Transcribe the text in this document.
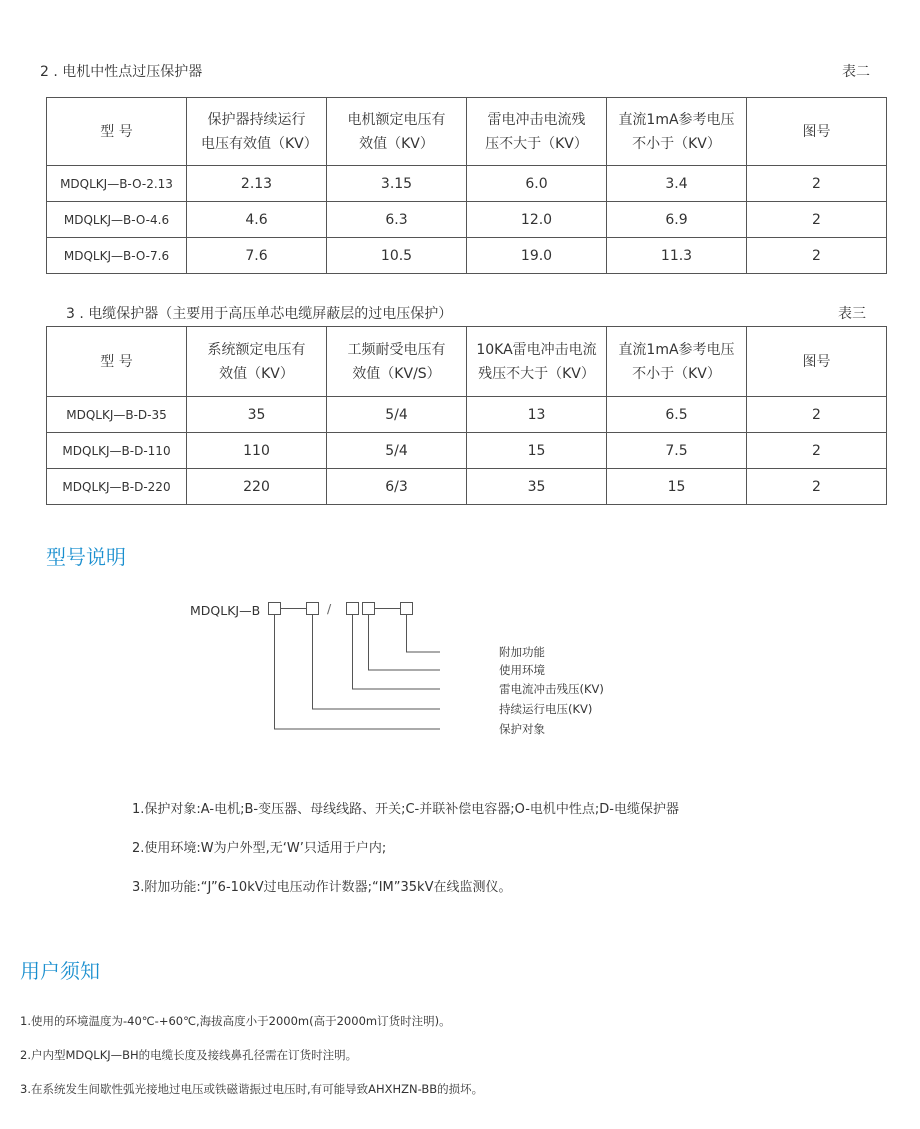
2 . 电机中性点过压保护器	表二
型 号	保护器持续运行电压有效值（KV）	电机额定电压有效值（KV）	雷电冲击电流残压不大于（KV）	直流1mA参考电压不小于（KV）	图号
MDQLKJ—B-O-2.13	2.13	3.15	6.0	3.4	2
MDQLKJ—B-O-4.6	4.6	6.3	12.0	6.9	2
MDQLKJ—B-O-7.6	7.6	10.5	19.0	11.3	2
3 . 电缆保护器（主要用于高压单芯电缆屏蔽层的过电压保护）	表三
型 号	系统额定电压有效值（KV）	工频耐受电压有效值（KV/S）	10KA雷电冲击电流残压不大于（KV）	直流1mA参考电压不小于（KV）	图号
MDQLKJ—B-D-35	35	5/4	13	6.5	2
MDQLKJ—B-D-110	110	5/4	15	7.5	2
MDQLKJ—B-D-220	220	6/3	35	15	2
型号说明
MDQLKJ—B	/
附加功能
使用环境
雷电流冲击残压(KV)
持续运行电压(KV)
保护对象
1.保护对象:A-电机;B-变压器、母线线路、开关;C-并联补偿电容器;O-电机中性点;D-电缆保护器
2.使用环境:W为户外型,无‘W’只适用于户内;
3.附加功能:“J”6-10kV过电压动作计数器;“IM”35kV在线监测仪。
用户须知
1.使用的环境温度为-40℃-+60℃,海拔高度小于2000m(高于2000m订货时注明)。
2.户内型MDQLKJ—BH的电缆长度及接线鼻孔径需在订货时注明。
3.在系统发生间歇性弧光接地过电压或铁磁谐振过电压时,有可能导致AHXHZN-BB的损坏。
